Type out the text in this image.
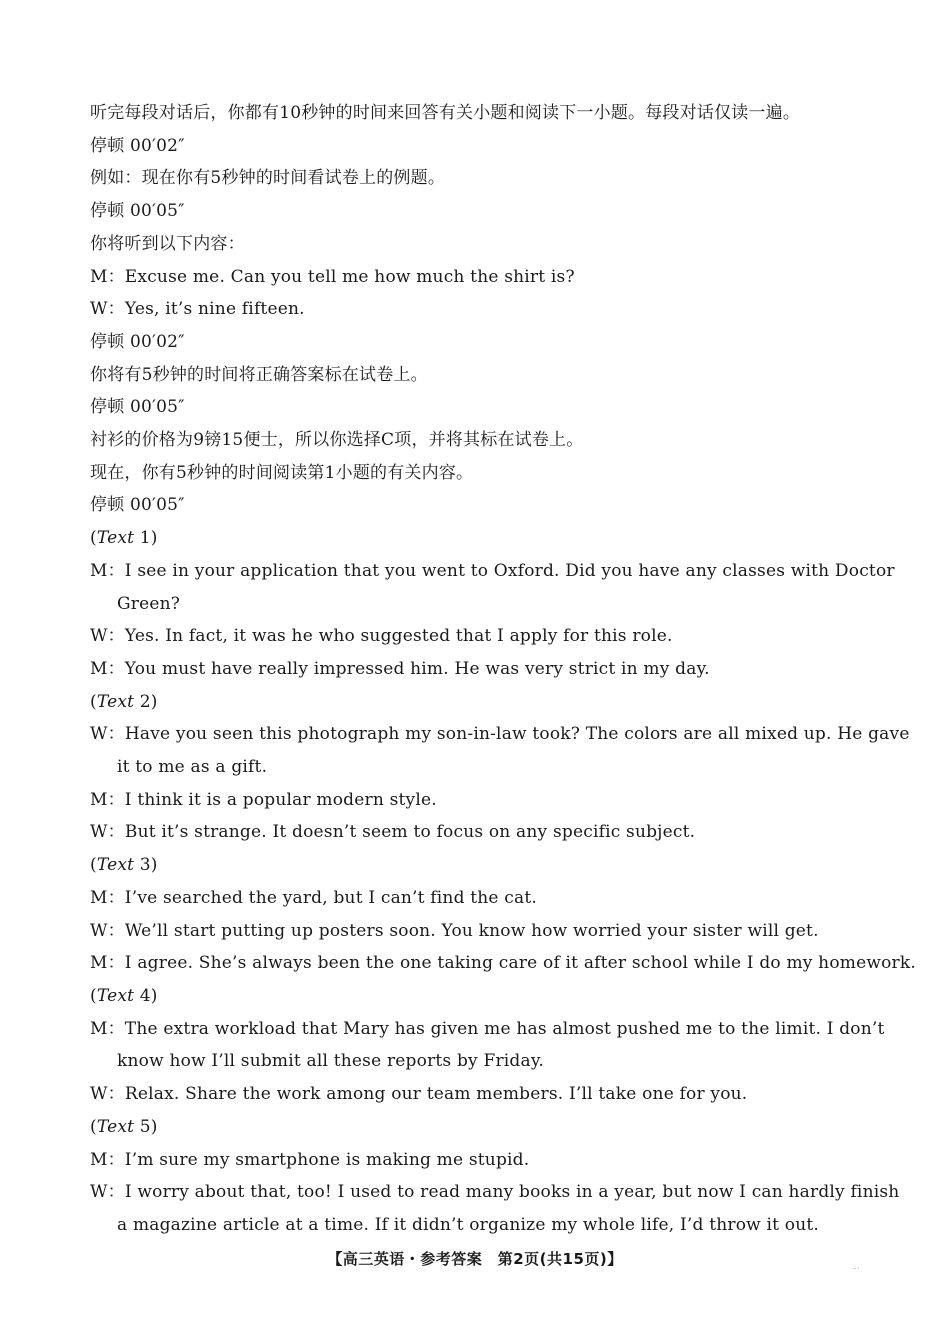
听完每段对话后，你都有10秒钟的时间来回答有关小题和阅读下一小题。每段对话仅读一遍。
停顿 00′02″
例如：现在你有5秒钟的时间看试卷上的例题。
停顿 00′05″
你将听到以下内容：
M：Excuse me. Can you tell me how much the shirt is?
W：Yes, it’s nine fifteen.
停顿 00′02″
你将有5秒钟的时间将正确答案标在试卷上。
停顿 00′05″
衬衫的价格为9镑15便士，所以你选择C项，并将其标在试卷上。
现在，你有5秒钟的时间阅读第1小题的有关内容。
停顿 00′05″
(Text 1)
M：I see in your application that you went to Oxford. Did you have any classes with Doctor
Green?
W：Yes. In fact, it was he who suggested that I apply for this role.
M：You must have really impressed him. He was very strict in my day.
(Text 2)
W：Have you seen this photograph my son-in-law took? The colors are all mixed up. He gave
it to me as a gift.
M：I think it is a popular modern style.
W：But it’s strange. It doesn’t seem to focus on any specific subject.
(Text 3)
M：I’ve searched the yard, but I can’t find the cat.
W：We’ll start putting up posters soon. You know how worried your sister will get.
M：I agree. She’s always been the one taking care of it after school while I do my homework.
(Text 4)
M：The extra workload that Mary has given me has almost pushed me to the limit. I don’t
know how I’ll submit all these reports by Friday.
W：Relax. Share the work among our team members. I’ll take one for you.
(Text 5)
M：I’m sure my smartphone is making me stupid.
W：I worry about that, too! I used to read many books in a year, but now I can hardly finish
a magazine article at a time. If it didn’t organize my whole life, I’d throw it out.
【高三英语・参考答案　第2页(共15页)】	...
